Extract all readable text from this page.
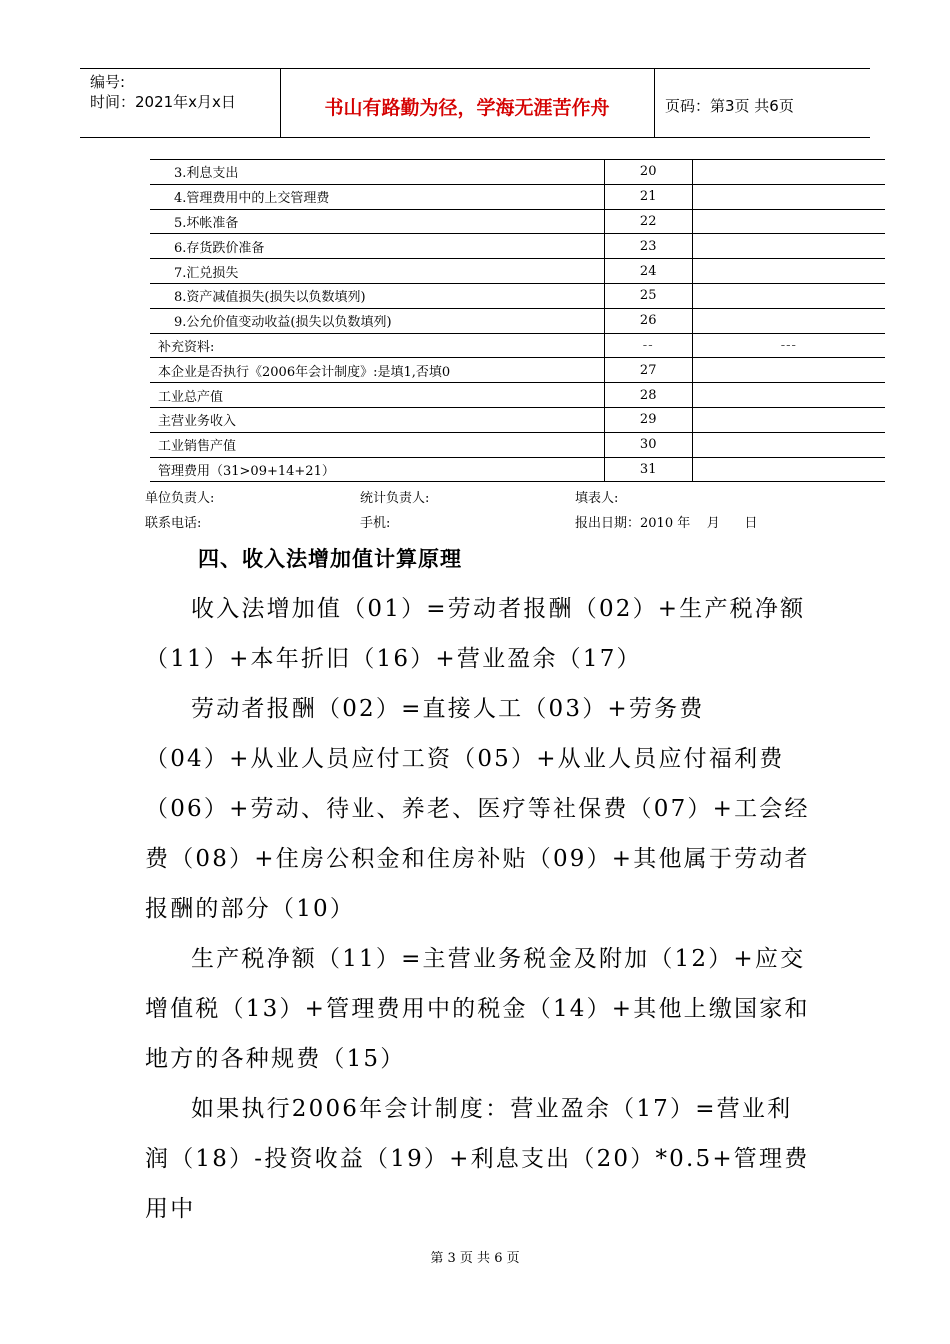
编号:
时间：2021年x月x日	书山有路勤为径，学海无涯苦作舟	页码：第3页 共6页
3.利息支出	20	
4.管理费用中的上交管理费	21	
5.坏帐准备	22	
6.存货跌价准备	23	
7.汇兑损失	24	
8.资产减值损失(损失以负数填列)	25	
9.公允价值变动收益(损失以负数填列)	26	
补充资料:	--	---
本企业是否执行《2006年会计制度》:是填1,否填0	27	
工业总产值	28	
主营业务收入	29	
工业销售产值	30	
管理费用（31>09+14+21）	31	
单位负责人:	统计负责人:	填表人:
联系电话:	手机:	报出日期：2010 年    月      日
四、收入法增加值计算原理

收入法增加值（01）=劳动者报酬（02）+生产税净额（11）+本年折旧（16）+营业盈余（17）

劳动者报酬（02）=直接人工（03）+劳务费（04）+从业人员应付工资（05）+从业人员应付福利费（06）+劳动、待业、养老、医疗等社保费（07）+工会经费（08）+住房公积金和住房补贴（09）+其他属于劳动者报酬的部分（10）

生产税净额（11）=主营业务税金及附加（12）+应交增值税（13）+管理费用中的税金（14）+其他上缴国家和地方的各种规费（15）

如果执行2006年会计制度：营业盈余（17）=营业利润（18）-投资收益（19）+利息支出（20）*0.5+管理费用中

第 3 页 共 6 页
